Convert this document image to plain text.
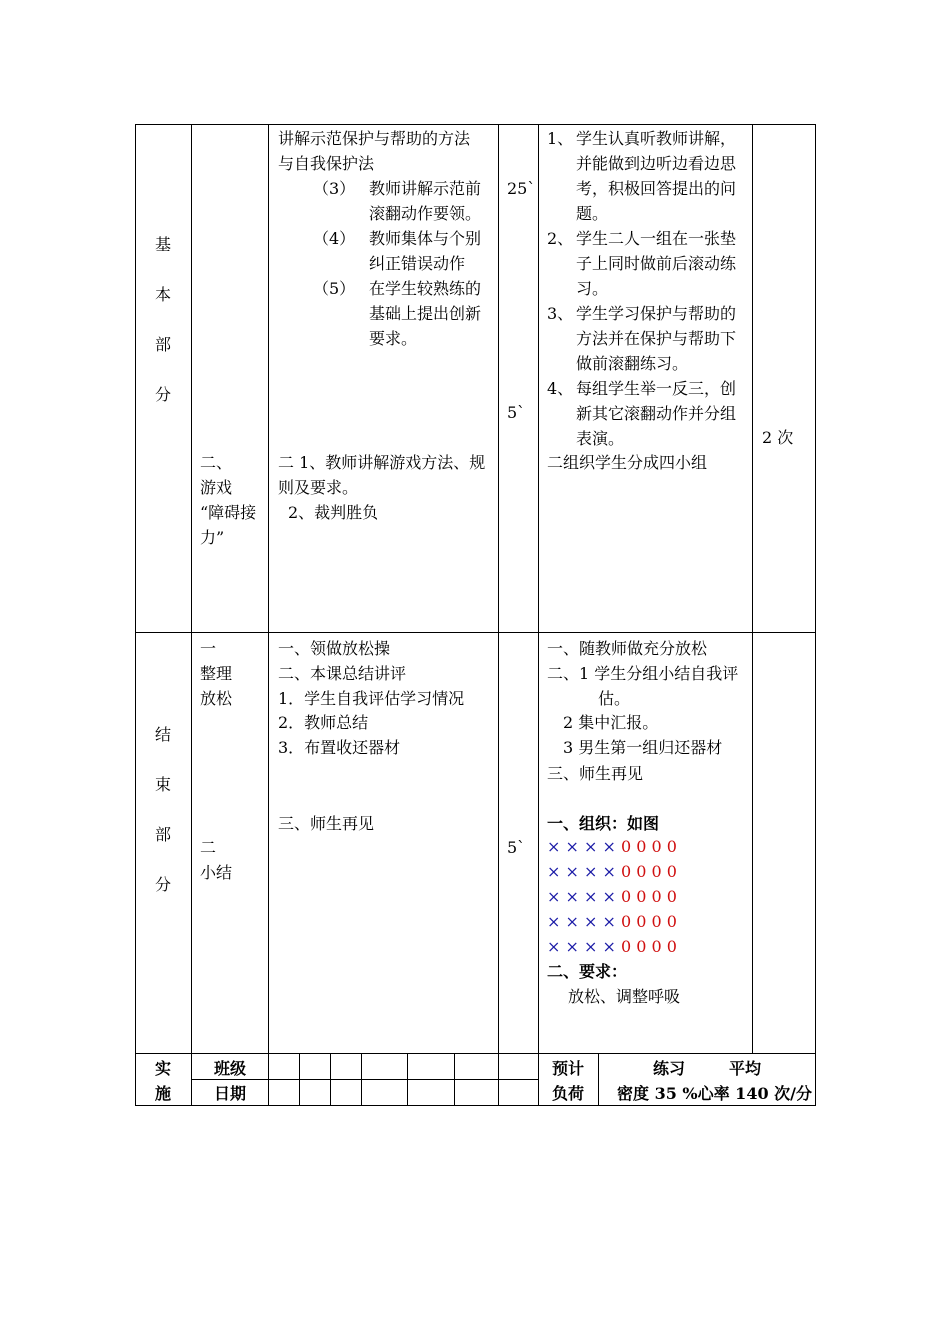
基
本
部
分
二、
游戏
“障碍接
力”
讲解示范保护与帮助的方法
与自我保护法
（3） 教师讲解示范前
滚翻动作要领。
（4） 教师集体与个别
纠正错误动作
（5） 在学生较熟练的
基础上提出创新
要求。
二 1、教师讲解游戏方法、规
则及要求。
2、裁判胜负
25`
5`
1、 学生认真听教师讲解，
并能做到边听边看边思
考，积极回答提出的问
题。
2、 学生二人一组在一张垫
子上同时做前后滚动练
习。
3、 学生学习保护与帮助的
方法并在保护与帮助下
做前滚翻练习。
4、 每组学生举一反三，创
新其它滚翻动作并分组
表演。
二组织学生分成四小组
2 次
结
束
部
分
一
整理
放松
二
小结
一、领做放松操
二、本课总结讲评
1．学生自我评估学习情况
2．教师总结
3．布置收还器材
三、师生再见
5`
一、随教师做充分放松
二、1 学生分组小结自我评
估。
2 集中汇报。
3 男生第一组归还器材
三、师生再见
一、组织：如图
× × × × 0 0 0 0
× × × × 0 0 0 0
× × × × 0 0 0 0
× × × × 0 0 0 0
× × × × 0 0 0 0
二、要求：
放松、调整呼吸
实
施
班级
日期
预计
负荷
练习	平均
密度 35 %心率 140 次/分
